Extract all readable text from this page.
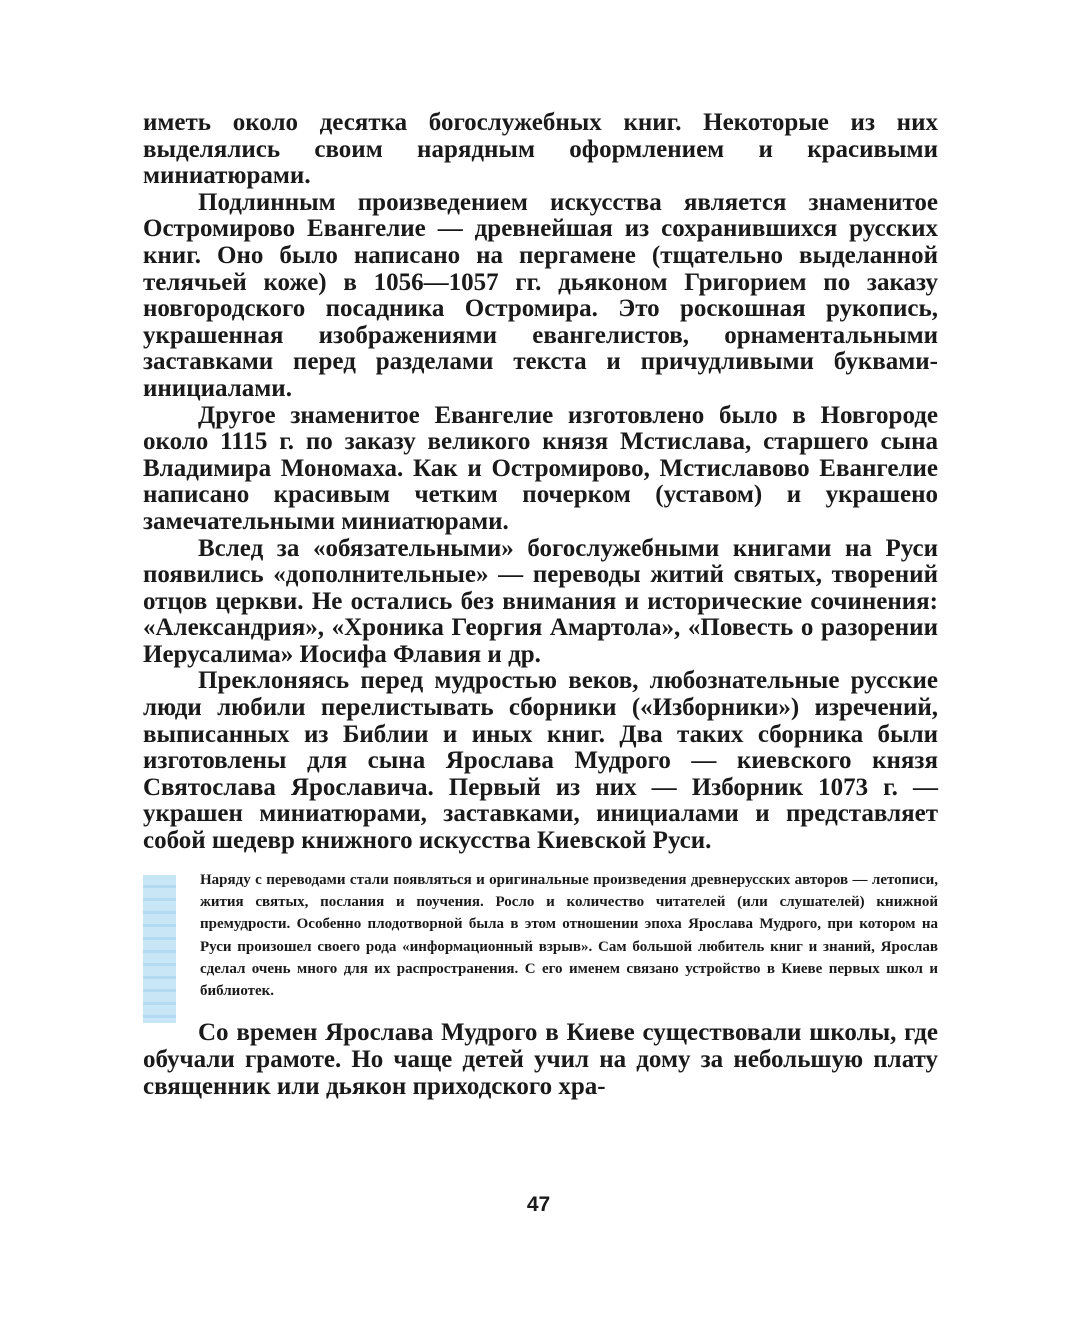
иметь около десятка богослужебных книг. Некоторые из них выделялись своим нарядным оформлением и красивыми миниатюрами.

Подлинным произведением искусства является знаменитое Остромирово Евангелие — древнейшая из сохранившихся русских книг. Оно было написано на пергамене (тщательно выделанной телячьей коже) в 1056—1057 гг. дьяконом Григорием по заказу новгородского посадника Остромира. Это роскошная рукопись, украшенная изображениями евангелистов, орнаментальными заставками перед разделами текста и причудливыми буквами-инициалами.

Другое знаменитое Евангелие изготовлено было в Новгороде около 1115 г. по заказу великого князя Мстислава, старшего сына Владимира Мономаха. Как и Остромирово, Мстиславово Евангелие написано красивым четким почерком (уставом) и украшено замечательными миниатюрами.

Вслед за «обязательными» богослужебными книгами на Руси появились «дополнительные» — переводы житий святых, творений отцов церкви. Не остались без внимания и исторические сочинения: «Александрия», «Хроника Георгия Амартола», «Повесть о разорении Иерусалима» Иосифа Флавия и др.

Преклоняясь перед мудростью веков, любознательные русские люди любили перелистывать сборники («Изборники») изречений, выписанных из Библии и иных книг. Два таких сборника были изготовлены для сына Ярослава Мудрого — киевского князя Святослава Ярославича. Первый из них — Изборник 1073 г. — украшен миниатюрами, заставками, инициалами и представляет собой шедевр книжного искусства Киевской Руси.

Наряду с переводами стали появляться и оригинальные произведения древнерусских авторов — летописи, жития святых, послания и поучения. Росло и количество читателей (или слушателей) книжной премудрости. Особенно плодотворной была в этом отношении эпоха Ярослава Мудрого, при котором на Руси произошел своего рода «информационный взрыв». Сам большой любитель книг и знаний, Ярослав сделал очень много для их распространения. С его именем связано устройство в Киеве первых школ и библиотек.

Со времен Ярослава Мудрого в Киеве существовали школы, где обучали грамоте. Но чаще детей учил на дому за небольшую плату священник или дьякон приходского хра-

47
